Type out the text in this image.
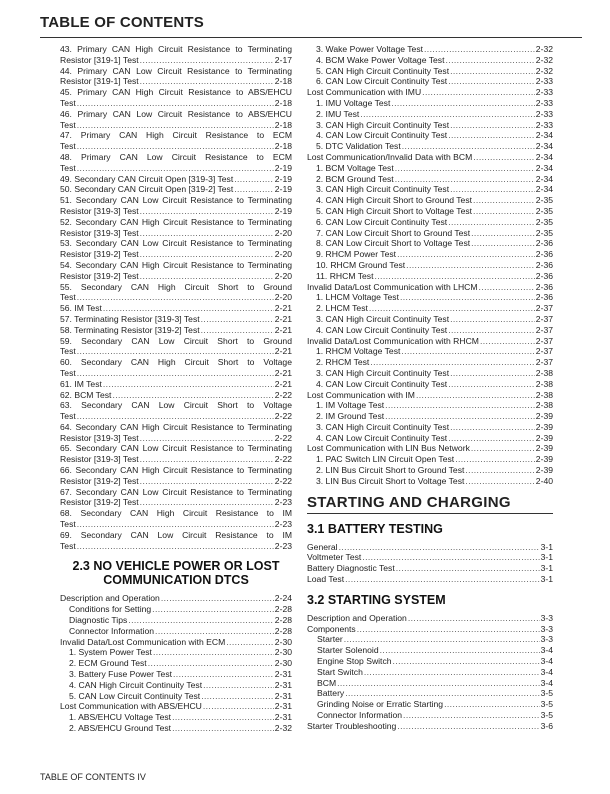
TABLE OF CONTENTS
43. Primary CAN High Circuit Resistance to Terminating
Resistor [319-1] Test .....	2-17
44. Primary CAN Low Circuit Resistance to Terminating
Resistor [319-1] Test .....	2-18
45. Primary CAN High Circuit Resistance to ABS/EHCU
Test .....	2-18
46. Primary CAN Low Circuit Resistance to ABS/EHCU
Test .....	2-18
47. Primary CAN High Circuit Resistance to ECM
Test .....	2-18
48. Primary CAN Low Circuit Resistance to ECM
Test .....	2-19
49. Secondary CAN Circuit Open [319-3] Test .....	2-19
50. Secondary CAN Circuit Open [319-2] Test .....	2-19
51. Secondary CAN Low Circuit Resistance to Terminating
Resistor [319-3] Test .....	2-19
52. Secondary CAN High Circuit Resistance to Terminating
Resistor [319-3] Test .....	2-20
53. Secondary CAN Low Circuit Resistance to Terminating
Resistor [319-2] Test .....	2-20
54. Secondary CAN High Circuit Resistance to Terminating
Resistor [319-2] Test .....	2-20
55. Secondary CAN High Circuit Short to Ground
Test .....	2-20
56. IM Test .....	2-21
57. Terminating Resistor [319-3] Test .....	2-21
58. Terminating Resistor [319-2] Test .....	2-21
59. Secondary CAN Low Circuit Short to Ground
Test .....	2-21
60. Secondary CAN High Circuit Short to Voltage
Test .....	2-21
61. IM Test .....	2-21
62. BCM Test .....	2-22
63. Secondary CAN Low Circuit Short to Voltage
Test .....	2-22
64. Secondary CAN High Circuit Resistance to Terminating
Resistor [319-3] Test .....	2-22
65. Secondary CAN Low Circuit Resistance to Terminating
Resistor [319-3] Test .....	2-22
66. Secondary CAN High Circuit Resistance to Terminating
Resistor [319-2] Test .....	2-22
67. Secondary CAN Low Circuit Resistance to Terminating
Resistor [319-2] Test .....	2-23
68. Secondary CAN High Circuit Resistance to IM
Test .....	2-23
69. Secondary CAN Low Circuit Resistance to IM
Test .....	2-23
2.3 NO VEHICLE POWER OR LOST COMMUNICATION DTCS
Description and Operation .....	2-24
Conditions for Setting .....	2-28
Diagnostic Tips .....	2-28
Connector Information .....	2-28
Invalid Data/Lost Communication with ECM .....	2-30
1. System Power Test .....	2-30
2. ECM Ground Test .....	2-30
3. Battery Fuse Power Test .....	2-31
4. CAN High Circuit Continuity Test .....	2-31
5. CAN Low Circuit Continuity Test .....	2-31
Lost Communication with ABS/EHCU .....	2-31
1. ABS/EHCU Voltage Test .....	2-31
2. ABS/EHCU Ground Test .....	2-32
3. Wake Power Voltage Test .....	2-32
4. BCM Wake Power Voltage Test .....	2-32
5. CAN High Circuit Continuity Test .....	2-32
6. CAN Low Circuit Continuity Test .....	2-33
Lost Communication with IMU .....	2-33
1. IMU Voltage Test .....	2-33
2. IMU Test .....	2-33
3. CAN High Circuit Continuity Test .....	2-33
4. CAN Low Circuit Continuity Test .....	2-34
5. DTC Validation Test .....	2-34
Lost Communication/Invalid Data with BCM .....	2-34
1. BCM Voltage Test .....	2-34
2. BCM Ground Test .....	2-34
3. CAN High Circuit Continuity Test .....	2-34
4. CAN High Circuit Short to Ground Test .....	2-35
5. CAN High Circuit Short to Voltage Test .....	2-35
6. CAN Low Circuit Continuity Test .....	2-35
7. CAN Low Circuit Short to Ground Test .....	2-35
8. CAN Low Circuit Short to Voltage Test .....	2-36
9. RHCM Power Test .....	2-36
10. RHCM Ground Test .....	2-36
11. RHCM Test .....	2-36
Invalid Data/Lost Communication with LHCM .....	2-36
1. LHCM Voltage Test .....	2-36
2. LHCM Test .....	2-37
3. CAN High Circuit Continuity Test .....	2-37
4. CAN Low Circuit Continuity Test .....	2-37
Invalid Data/Lost Communication with RHCM .....	2-37
1. RHCM Voltage Test .....	2-37
2. RHCM Test .....	2-37
3. CAN High Circuit Continuity Test .....	2-38
4. CAN Low Circuit Continuity Test .....	2-38
Lost Communication with IM .....	2-38
1. IM Voltage Test .....	2-38
2. IM Ground Test .....	2-39
3. CAN High Circuit Continuity Test .....	2-39
4. CAN Low Circuit Continuity Test .....	2-39
Lost Communication with LIN Bus Network .....	2-39
1. PAC Switch LIN Circuit Open Test .....	2-39
2. LIN Bus Circuit Short to Ground Test .....	2-39
3. LIN Bus Circuit Short to Voltage Test .....	2-40
STARTING AND CHARGING
3.1 BATTERY TESTING
General .....	3-1
Voltmeter Test .....	3-1
Battery Diagnostic Test .....	3-1
Load Test .....	3-1
3.2 STARTING SYSTEM
Description and Operation .....	3-3
Components .....	3-3
Starter .....	3-3
Starter Solenoid .....	3-4
Engine Stop Switch .....	3-4
Start Switch .....	3-4
BCM .....	3-4
Battery .....	3-5
Grinding Noise or Erratic Starting .....	3-5
Connector Information .....	3-5
Starter Troubleshooting .....	3-6
TABLE OF CONTENTS IV
